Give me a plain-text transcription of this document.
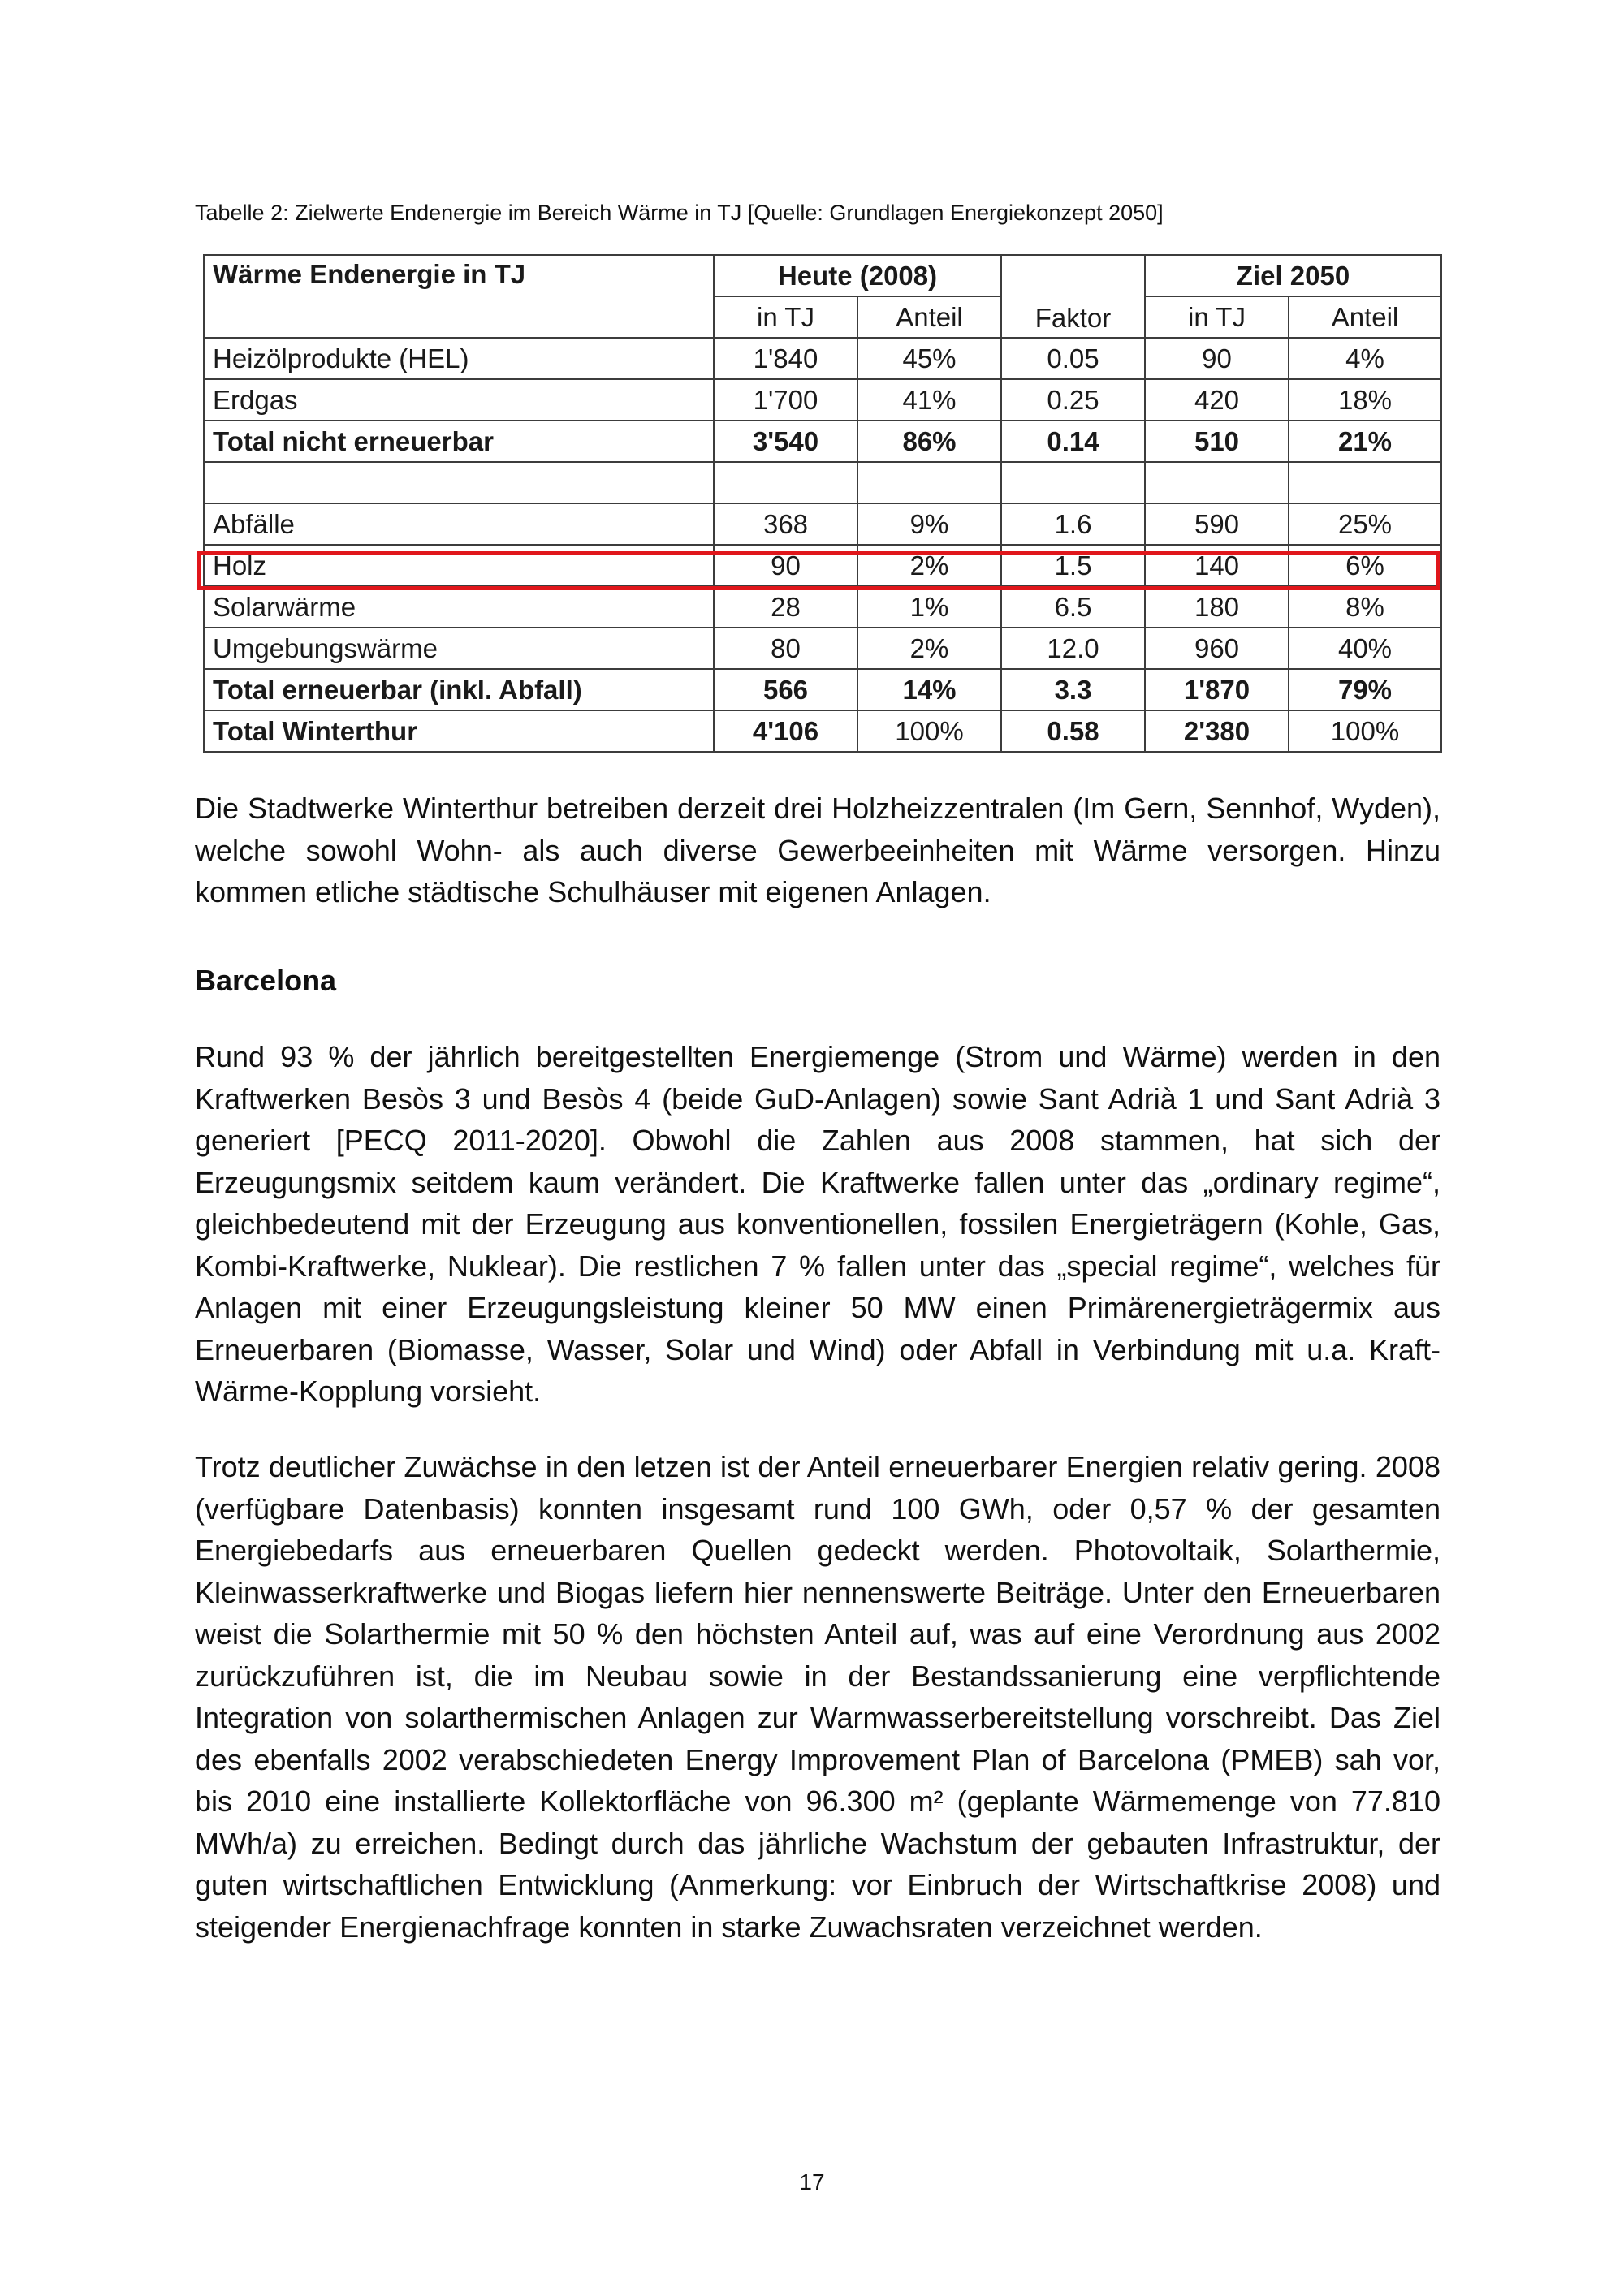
Tabelle 2: Zielwerte Endenergie im Bereich Wärme in TJ [Quelle: Grundlagen Energiekonzept 2050]
Wärme Endenergie in TJ	Heute (2008)		Faktor	Ziel 2050	
	in TJ	Anteil		in TJ	Anteil
Heizölprodukte (HEL)	1'840	45%	0.05	90	4%
Erdgas	1'700	41%	0.25	420	18%
Total nicht erneuerbar	3'540	86%	0.14	510	21%

Abfälle	368	9%	1.6	590	25%
Holz	90	2%	1.5	140	6%
Solarwärme	28	1%	6.5	180	8%
Umgebungswärme	80	2%	12.0	960	40%
Total erneuerbar (inkl. Abfall)	566	14%	3.3	1'870	79%
Total Winterthur	4'106	100%	0.58	2'380	100%

Die Stadtwerke Winterthur betreiben derzeit drei Holzheizzentralen (Im Gern, Sennhof, Wyden), welche sowohl Wohn- als auch diverse Gewerbeeinheiten mit Wärme versorgen. Hinzu kommen etliche städtische Schulhäuser mit eigenen Anlagen.

Barcelona

Rund 93 % der jährlich bereitgestellten Energiemenge (Strom und Wärme) werden in den Kraftwerken Besòs 3 und Besòs 4 (beide GuD-Anlagen) sowie Sant Adrià 1 und Sant Adrià 3 generiert [PECQ 2011-2020]. Obwohl die Zahlen aus 2008 stammen, hat sich der Erzeugungsmix seitdem kaum verändert. Die Kraftwerke fallen unter das „ordinary regime“, gleichbedeutend mit der Erzeugung aus konventionellen, fossilen Energieträgern (Kohle, Gas, Kombi-Kraftwerke, Nuklear). Die restlichen 7 % fallen unter das „special regime“, welches für Anlagen mit einer Erzeugungsleistung kleiner 50 MW einen Primärenergieträgermix aus Erneuerbaren (Biomasse, Wasser, Solar und Wind) oder Abfall in Verbindung mit u.a. Kraft-Wärme-Kopplung vorsieht.

Trotz deutlicher Zuwächse in den letzen ist der Anteil erneuerbarer Energien relativ gering. 2008 (verfügbare Datenbasis) konnten insgesamt rund 100 GWh, oder 0,57 % der gesamten Energiebedarfs aus erneuerbaren Quellen gedeckt werden. Photovoltaik, Solarthermie, Kleinwasserkraftwerke und Biogas liefern hier nennenswerte Beiträge. Unter den Erneuerbaren weist die Solarthermie mit 50 % den höchsten Anteil auf, was auf eine Verordnung aus 2002 zurückzuführen ist, die im Neubau sowie in der Bestandssanierung eine verpflichtende Integration von solarthermischen Anlagen zur Warmwasserbereitstellung vorschreibt. Das Ziel des ebenfalls 2002 verabschiedeten Energy Improvement Plan of Barcelona (PMEB) sah vor, bis 2010 eine installierte Kollektorfläche von 96.300 m² (geplante Wärmemenge von 77.810 MWh/a) zu erreichen. Bedingt durch das jährliche Wachstum der gebauten Infrastruktur, der guten wirtschaftlichen Entwicklung (Anmerkung: vor Einbruch der Wirtschaftkrise 2008) und steigender Energienachfrage konnten in starke Zuwachsraten verzeichnet werden.

17
